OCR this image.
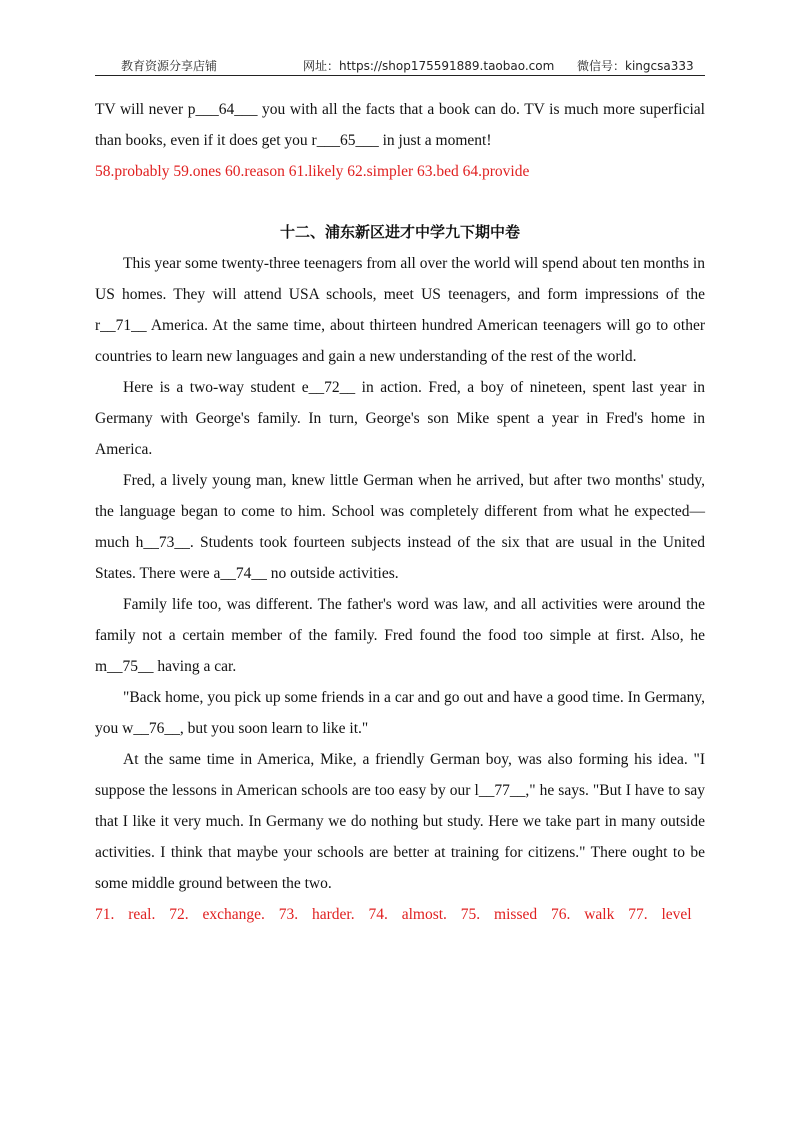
教育资源分享店铺	网址：https://shop175591889.taobao.com 微信号：kingcsa333

TV will never p___64___ you with all the facts that a book can do. TV is much more superficial than books, even if it does get you r___65___ in just a moment!

58.probably 59.ones 60.reason 61.likely 62.simpler 63.bed 64.provide

十二、浦东新区进才中学九下期中卷

This year some twenty-three teenagers from all over the world will spend about ten months in US homes. They will attend USA schools, meet US teenagers, and form impressions of the r__71__ America. At the same time, about thirteen hundred American teenagers will go to other countries to learn new languages and gain a new understanding of the rest of the world.

Here is a two-way student e__72__ in action. Fred, a boy of nineteen, spent last year in Germany with George's family. In turn, George's son Mike spent a year in Fred's home in America.

Fred, a lively young man, knew little German when he arrived, but after two months' study, the language began to come to him. School was completely different from what he expected—much h__73__. Students took fourteen subjects instead of the six that are usual in the United States. There were a__74__ no outside activities.

Family life too, was different. The father's word was law, and all activities were around the family not a certain member of the family. Fred found the food too simple at first. Also, he m__75__ having a car.

"Back home, you pick up some friends in a car and go out and have a good time. In Germany, you w__76__, but you soon learn to like it."

At the same time in America, Mike, a friendly German boy, was also forming his idea. "I suppose the lessons in American schools are too easy by our l__77__," he says. "But I have to say that I like it very much. In Germany we do nothing but study. Here we take part in many outside activities. I think that maybe your schools are better at training for citizens." There ought to be some middle ground between the two.

71. real. 72. exchange. 73. harder. 74. almost. 75. missed 76. walk 77. level
